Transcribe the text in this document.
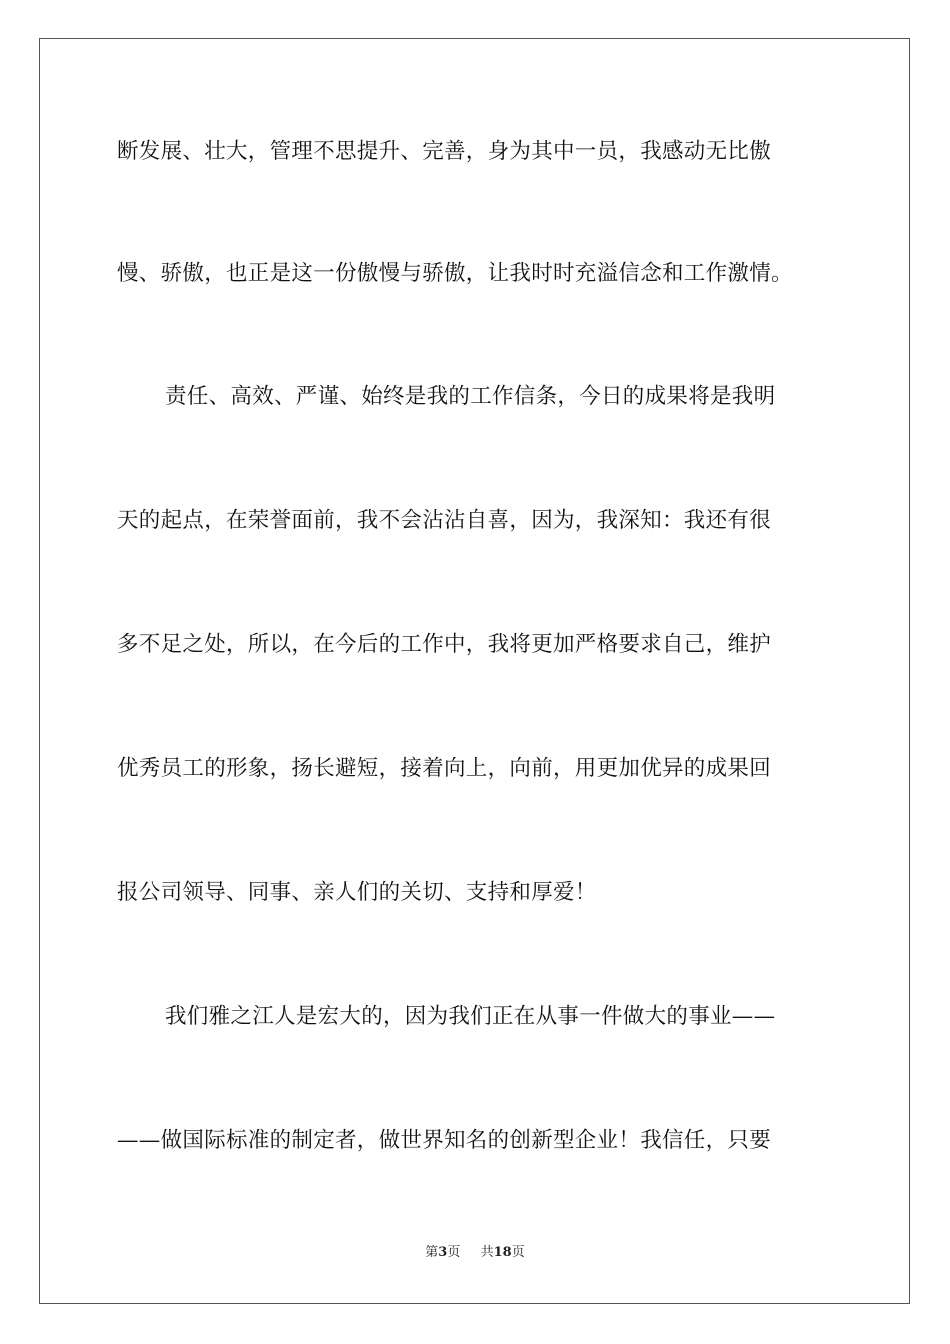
断发展、壮大，管理不思提升、完善，身为其中一员，我感动无比傲
慢、骄傲，也正是这一份傲慢与骄傲，让我时时充溢信念和工作激情。
责任、高效、严谨、始终是我的工作信条，今日的成果将是我明
天的起点，在荣誉面前，我不会沾沾自喜，因为，我深知：我还有很
多不足之处，所以，在今后的工作中，我将更加严格要求自己，维护
优秀员工的形象，扬长避短，接着向上，向前，用更加优异的成果回
报公司领导、同事、亲人们的关切、支持和厚爱！
我们雅之江人是宏大的，因为我们正在从事一件做大的事业——
——做国际标准的制定者，做世界知名的创新型企业！我信任，只要
第3页 共18页
